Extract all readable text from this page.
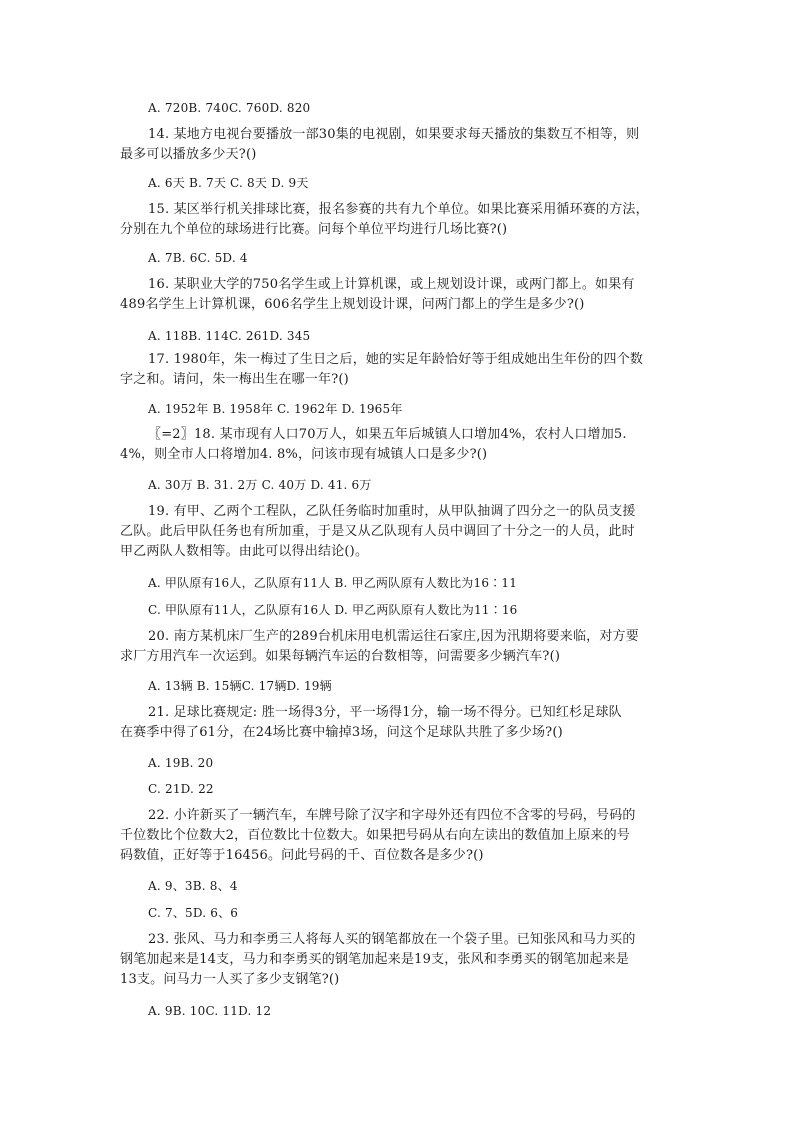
A. 720B. 740C. 760D. 820
14. 某地方电视台要播放一部30集的电视剧，如果要求每天播放的集数互不相等，则
最多可以播放多少天?()
A. 6天 B. 7天 C. 8天 D. 9天
15. 某区举行机关排球比赛，报名参赛的共有九个单位。如果比赛采用循环赛的方法，
分别在九个单位的球场进行比赛。问每个单位平均进行几场比赛?()
A. 7B. 6C. 5D. 4
16. 某职业大学的750名学生或上计算机课，或上规划设计课，或两门都上。如果有
489名学生上计算机课，606名学生上规划设计课，问两门都上的学生是多少?()
A. 118B. 114C. 261D. 345
17. 1980年，朱一梅过了生日之后，她的实足年龄恰好等于组成她出生年份的四个数
字之和。请问，朱一梅出生在哪一年?()
A. 1952年 B. 1958年 C. 1962年 D. 1965年
〖=2〗18. 某市现有人口70万人，如果五年后城镇人口增加4%，农村人口增加5.
4%，则全市人口将增加4. 8%，问该市现有城镇人口是多少?()
A. 30万 B. 31. 2万 C. 40万 D. 41. 6万
19. 有甲、乙两个工程队，乙队任务临时加重时，从甲队抽调了四分之一的队员支援
乙队。此后甲队任务也有所加重，于是又从乙队现有人员中调回了十分之一的人员，此时
甲乙两队人数相等。由此可以得出结论()。
A. 甲队原有16人，乙队原有11人 B. 甲乙两队原有人数比为16∶11
C. 甲队原有11人，乙队原有16人 D. 甲乙两队原有人数比为11∶16
20. 南方某机床厂生产的289台机床用电机需运往石家庄,因为汛期将要来临，对方要
求厂方用汽车一次运到。如果每辆汽车运的台数相等，问需要多少辆汽车?()
A. 13辆 B. 15辆C. 17辆D. 19辆
21. 足球比赛规定: 胜一场得3分，平一场得1分，输一场不得分。已知红杉足球队
在赛季中得了61分，在24场比赛中输掉3场，问这个足球队共胜了多少场?()
A. 19B. 20
C. 21D. 22
22. 小许新买了一辆汽车，车牌号除了汉字和字母外还有四位不含零的号码，号码的
千位数比个位数大2，百位数比十位数大。如果把号码从右向左读出的数值加上原来的号
码数值，正好等于16456。问此号码的千、百位数各是多少?()
A. 9、3B. 8、4
C. 7、5D. 6、6
23. 张风、马力和李勇三人将每人买的钢笔都放在一个袋子里。已知张风和马力买的
钢笔加起来是14支，马力和李勇买的钢笔加起来是19支，张风和李勇买的钢笔加起来是
13支。问马力一人买了多少支钢笔?()
A. 9B. 10C. 11D. 12
